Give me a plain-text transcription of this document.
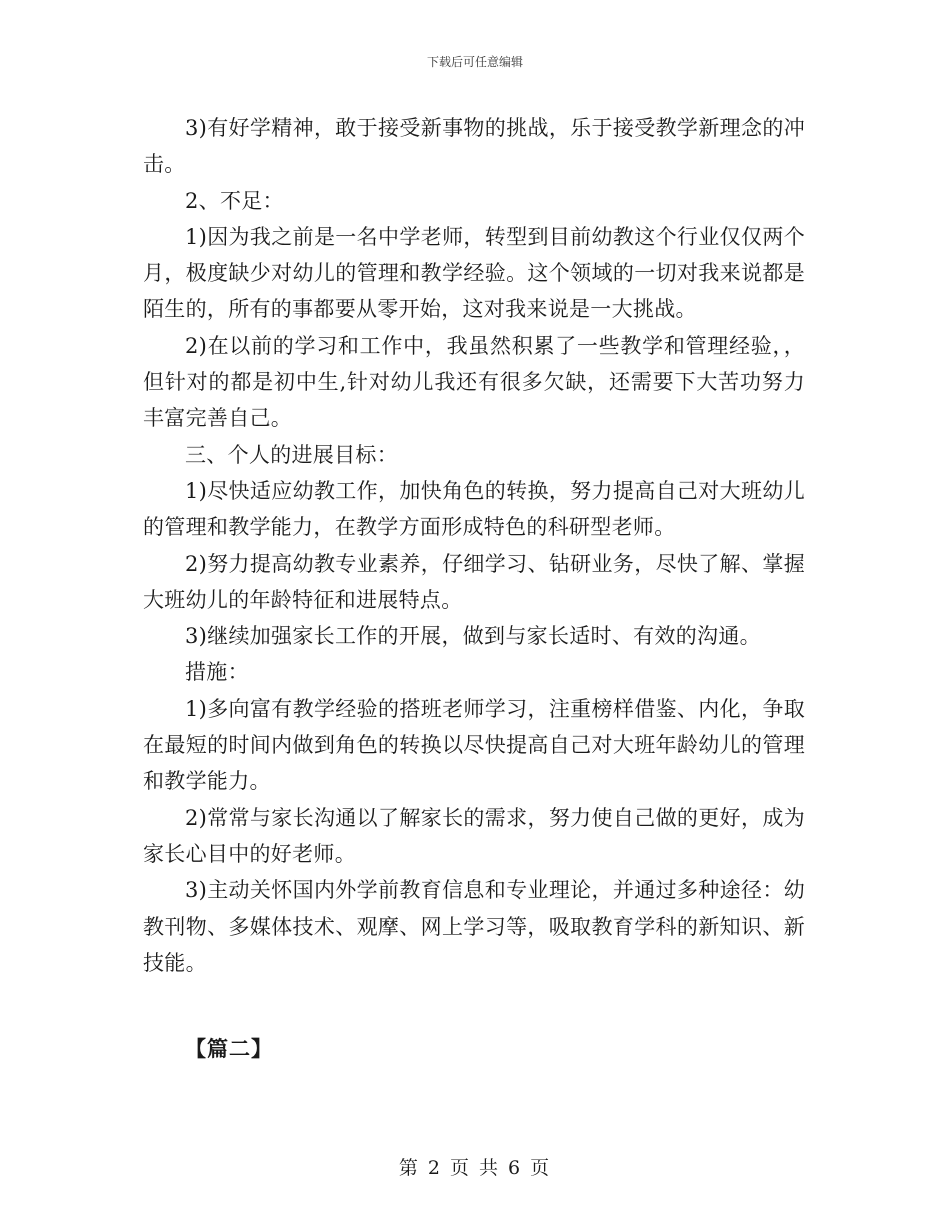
下载后可任意编辑

3)有好学精神，敢于接受新事物的挑战，乐于接受教学新理念的冲击。

2、不足：

1)因为我之前是一名中学老师，转型到目前幼教这个行业仅仅两个月，极度缺少对幼儿的管理和教学经验。这个领域的一切对我来说都是陌生的，所有的事都要从零开始，这对我来说是一大挑战。

2)在以前的学习和工作中，我虽然积累了一些教学和管理经验，，但针对的都是初中生,针对幼儿我还有很多欠缺，还需要下大苦功努力丰富完善自己。

三、个人的进展目标：

1)尽快适应幼教工作，加快角色的转换，努力提高自己对大班幼儿的管理和教学能力，在教学方面形成特色的科研型老师。

2)努力提高幼教专业素养，仔细学习、钻研业务，尽快了解、掌握大班幼儿的年龄特征和进展特点。

3)继续加强家长工作的开展，做到与家长适时、有效的沟通。

措施：

1)多向富有教学经验的搭班老师学习，注重榜样借鉴、内化，争取在最短的时间内做到角色的转换以尽快提高自己对大班年龄幼儿的管理和教学能力。

2)常常与家长沟通以了解家长的需求，努力使自己做的更好，成为家长心目中的好老师。

3)主动关怀国内外学前教育信息和专业理论，并通过多种途径：幼教刊物、多媒体技术、观摩、网上学习等，吸取教育学科的新知识、新技能。

【篇二】
第 2 页 共 6 页
